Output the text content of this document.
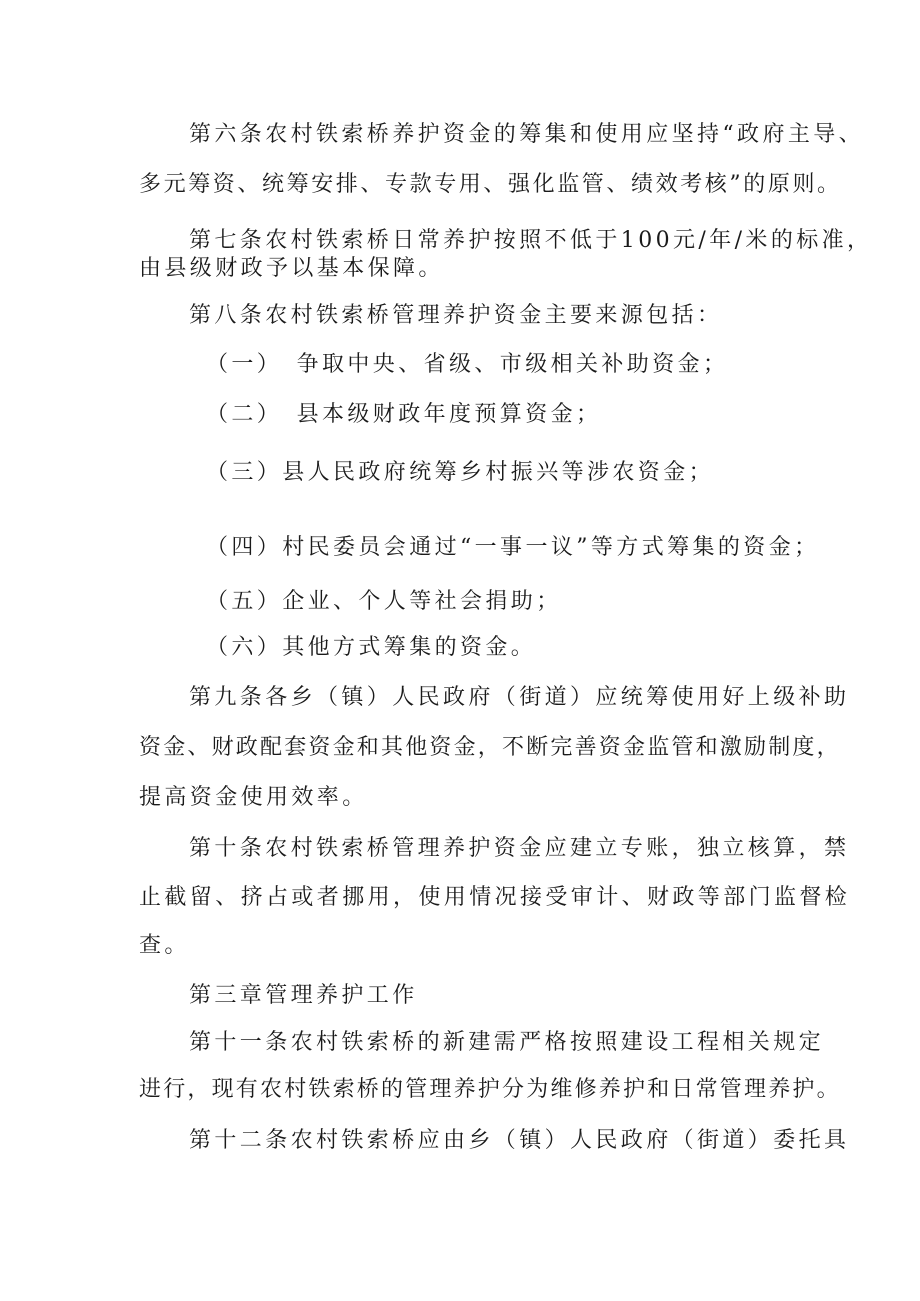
第六条农村铁索桥养护资金的筹集和使用应坚持“政府主导、

多元筹资、统筹安排、专款专用、强化监管、绩效考核”的原则。

第七条农村铁索桥日常养护按照不低于100元/年/米的标准，

由县级财政予以基本保障。

第八条农村铁索桥管理养护资金主要来源包括：

（一）　争取中央、省级、市级相关补助资金；

（二）　县本级财政年度预算资金；

（三）县人民政府统筹乡村振兴等涉农资金；

（四）村民委员会通过“一事一议”等方式筹集的资金；

（五）企业、个人等社会捐助；

（六）其他方式筹集的资金。

第九条各乡（镇）人民政府（街道）应统筹使用好上级补助

资金、财政配套资金和其他资金，不断完善资金监管和激励制度，

提高资金使用效率。

第十条农村铁索桥管理养护资金应建立专账，独立核算，禁

止截留、挤占或者挪用，使用情况接受审计、财政等部门监督检

查。

第三章管理养护工作

第十一条农村铁索桥的新建需严格按照建设工程相关规定

进行，现有农村铁索桥的管理养护分为维修养护和日常管理养护。

第十二条农村铁索桥应由乡（镇）人民政府（街道）委托具
